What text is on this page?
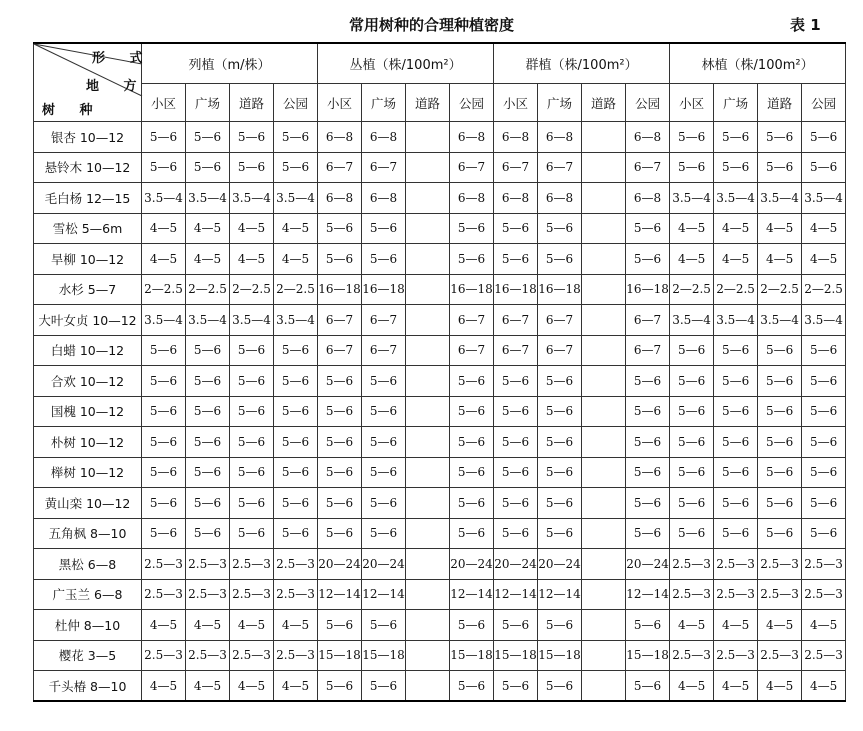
常用树种的合理种植密度	表 1
形 式
地 方
树 种	列植（m/株）				丛植（株/100m²）				群植（株/100m²）				林植（株/100m²）			
	小区	广场	道路	公园	小区	广场	道路	公园	小区	广场	道路	公园	小区	广场	道路	公园
银杏 10—12	5—6	5—6	5—6	5—6	6—8	6—8		6—8	6—8	6—8		6—8	5—6	5—6	5—6	5—6
悬铃木 10—12	5—6	5—6	5—6	5—6	6—7	6—7		6—7	6—7	6—7		6—7	5—6	5—6	5—6	5—6
毛白杨 12—15	3.5—4	3.5—4	3.5—4	3.5—4	6—8	6—8		6—8	6—8	6—8		6—8	3.5—4	3.5—4	3.5—4	3.5—4
雪松 5—6m	4—5	4—5	4—5	4—5	5—6	5—6		5—6	5—6	5—6		5—6	4—5	4—5	4—5	4—5
旱柳 10—12	4—5	4—5	4—5	4—5	5—6	5—6		5—6	5—6	5—6		5—6	4—5	4—5	4—5	4—5
水杉 5—7	2—2.5	2—2.5	2—2.5	2—2.5	16—18	16—18		16—18	16—18	16—18		16—18	2—2.5	2—2.5	2—2.5	2—2.5
大叶女贞 10—12	3.5—4	3.5—4	3.5—4	3.5—4	6—7	6—7		6—7	6—7	6—7		6—7	3.5—4	3.5—4	3.5—4	3.5—4
白蜡 10—12	5—6	5—6	5—6	5—6	6—7	6—7		6—7	6—7	6—7		6—7	5—6	5—6	5—6	5—6
合欢 10—12	5—6	5—6	5—6	5—6	5—6	5—6		5—6	5—6	5—6		5—6	5—6	5—6	5—6	5—6
国槐 10—12	5—6	5—6	5—6	5—6	5—6	5—6		5—6	5—6	5—6		5—6	5—6	5—6	5—6	5—6
朴树 10—12	5—6	5—6	5—6	5—6	5—6	5—6		5—6	5—6	5—6		5—6	5—6	5—6	5—6	5—6
榉树 10—12	5—6	5—6	5—6	5—6	5—6	5—6		5—6	5—6	5—6		5—6	5—6	5—6	5—6	5—6
黄山栾 10—12	5—6	5—6	5—6	5—6	5—6	5—6		5—6	5—6	5—6		5—6	5—6	5—6	5—6	5—6
五角枫 8—10	5—6	5—6	5—6	5—6	5—6	5—6		5—6	5—6	5—6		5—6	5—6	5—6	5—6	5—6
黑松 6—8	2.5—3	2.5—3	2.5—3	2.5—3	20—24	20—24		20—24	20—24	20—24		20—24	2.5—3	2.5—3	2.5—3	2.5—3
广玉兰 6—8	2.5—3	2.5—3	2.5—3	2.5—3	12—14	12—14		12—14	12—14	12—14		12—14	2.5—3	2.5—3	2.5—3	2.5—3
杜仲 8—10	4—5	4—5	4—5	4—5	5—6	5—6		5—6	5—6	5—6		5—6	4—5	4—5	4—5	4—5
樱花 3—5	2.5—3	2.5—3	2.5—3	2.5—3	15—18	15—18		15—18	15—18	15—18		15—18	2.5—3	2.5—3	2.5—3	2.5—3
千头椿 8—10	4—5	4—5	4—5	4—5	5—6	5—6		5—6	5—6	5—6		5—6	4—5	4—5	4—5	4—5
